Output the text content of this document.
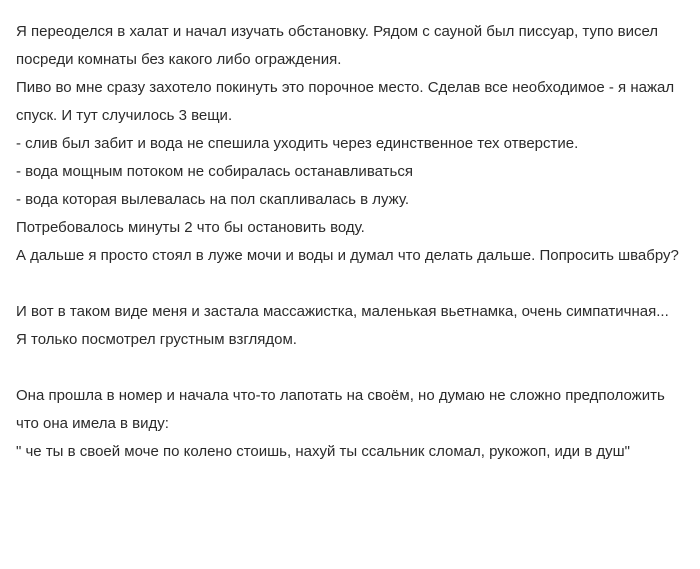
Я переоделся в халат и начал изучать обстановку. Рядом с сауной был писсуар, тупо висел посреди комнаты без какого либо ограждения.

Пиво во мне сразу захотело покинуть это порочное место. Сделав все необходимое - я нажал спуск. И тут случилось 3 вещи.

- слив был забит и вода не спешила уходить через единственное тех отверстие.

- вода мощным потоком не собиралась останавливаться

- вода которая вылевалась на пол скапливалась в лужу.

Потребовалось минуты 2 что бы остановить воду.

А дальше я просто стоял в луже мочи и воды и думал что делать дальше. Попросить швабру?

И вот в таком виде меня и застала массажистка, маленькая вьетнамка, очень симпатичная...

Я только посмотрел грустным взглядом.

Она прошла в номер и начала что-то лапотать на своём, но думаю не сложно предположить что она имела в виду:

" че ты в своей моче по колено стоишь, нахуй ты ссальник сломал, рукожоп, иди в душ"
